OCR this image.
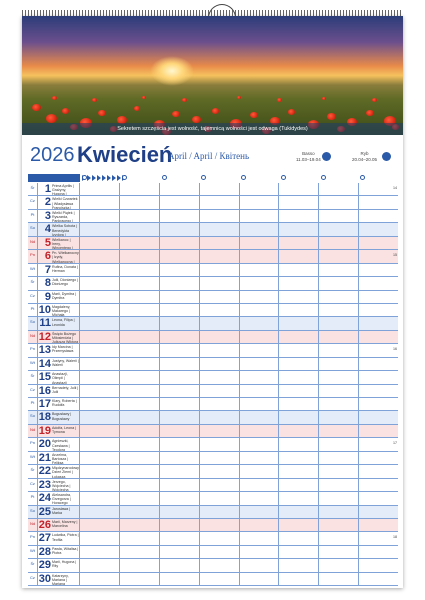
Sekretem szczęścia jest wolność, tajemnicą wolności jest odwaga (Tukidydes)
2026 Kwiecień
April / April / Квітень	Basso
11.03–19.04
Ryb
20.04–20.05
Śr 1 Prima Aprilis | Grażyny, Hugona |
14
Cz 2 Wielki Czwartek | Władysława Franciszka |
Pt 3 Wielki Piątek | Ryszarda, Pankracego |
So 4 Wielka Sobota | Benedykta Izydora |
Nd 5 Wielkanoc | Ireny, Wincentego |
Pn 6 Pn. Wielkanocny | Izydy, Wielkanocna |
15
Wt 7 Rufina, Donata | Herman
Śr 8 Julii, Dionizego | Dionizego
Cz 9 Marii, Dymitra | Dymitra
Pt 10 Magdaleny, Makarego | Michała
So 11 Leona, Filipa | Leonida
Nd 12 Święto Bożego Miłosierdzia | Juliusza Wiktora
Pn 13 Idy Marcina | Przemysława
16
Wt 14 Justyny, Walerii | Walerii
Śr 15 Anastazji, Olimpii | Anastazji
Cz 16 Bernadety, Julii | Julii
Pt 17 Klary, Roberta | Rudolfa
So 18 Bogusławy | Bogusławy
Nd 19 Adolfa, Leona | Tymona
Pn 20 Agnieszki, Czesława | Teodora
17
Wt 21 Anzelma, Bartosza | Feliksa
Śr 22 Międzynarodowy Dzień Ziemi | Łukasza
Cz 23 Jerzego, Wojciecha | Wojciecha
Pt 24 Aleksandra, Grzegorza | Horacego
So 25 Jarosława | Marka
Nd 26 Marii, Marzeny | Marcelina
Pn 27 Ludwika, Piotra | Teofila
18
Wt 28 Pawła, Witalisa | Piotra
Śr 29 Marii, Hugona | Rity
Cz 30 Katarzyny, Mariana | Mariana
